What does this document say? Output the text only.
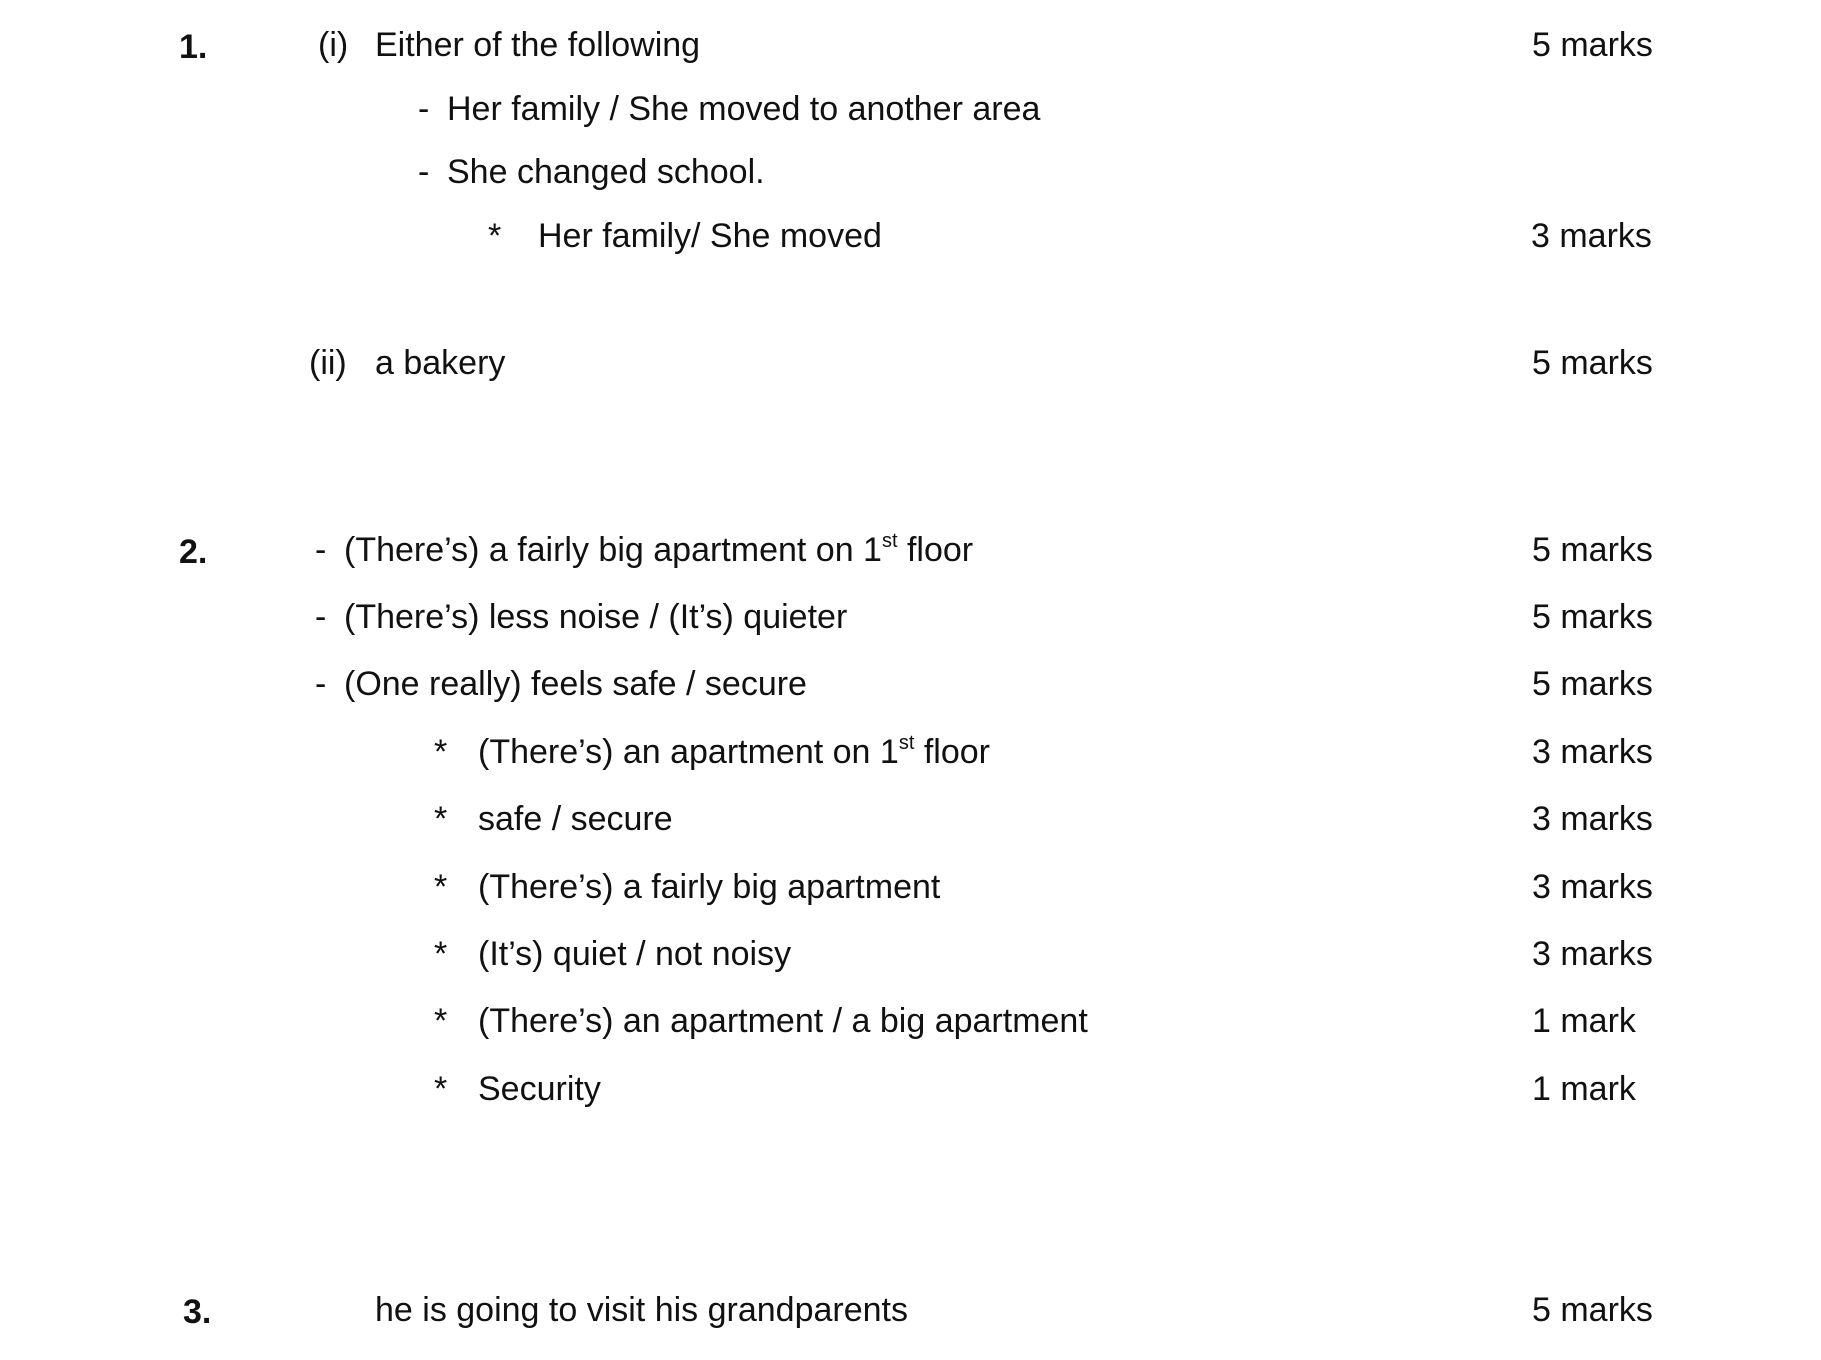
1.	(i) Either of the following	5 marks
- Her family / She moved to another area
- She changed school.
* Her family/ She moved	3 marks
(ii) a bakery	5 marks
2.	- (There’s) a fairly big apartment on 1st floor	5 marks
- (There’s) less noise / (It’s) quieter	5 marks
- (One really) feels safe / secure	5 marks
* (There’s) an apartment on 1st floor	3 marks
* safe / secure	3 marks
* (There’s) a fairly big apartment	3 marks
* (It’s) quiet / not noisy	3 marks
* (There’s) an apartment / a big apartment	1 mark
* Security	1 mark
3.	he is going to visit his grandparents	5 marks
